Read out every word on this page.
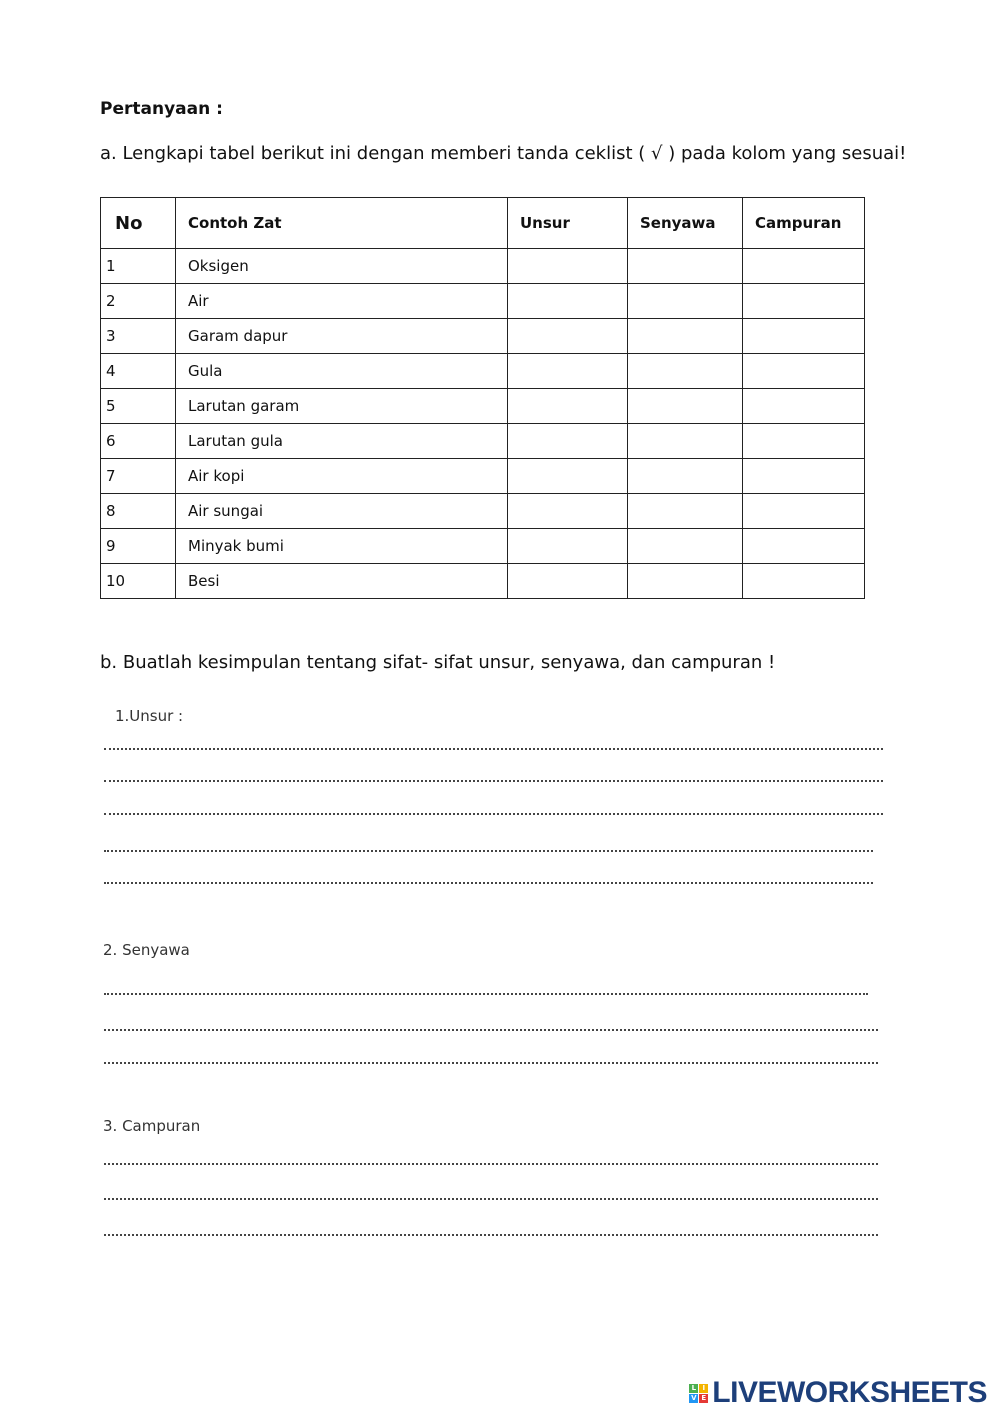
Pertanyaan :
a. Lengkapi tabel berikut ini dengan memberi tanda ceklist ( √ ) pada kolom yang sesuai!
No	Contoh Zat	Unsur	Senyawa	Campuran
1	Oksigen			
2	Air			
3	Garam dapur			
4	Gula			
5	Larutan garam			
6	Larutan gula			
7	Air kopi			
8	Air sungai			
9	Minyak bumi			
10	Besi			
b. Buatlah kesimpulan tentang sifat- sifat unsur, senyawa, dan campuran !
1.Unsur :
2. Senyawa
3. Campuran
L I
V E LIVEWORKSHEETS
